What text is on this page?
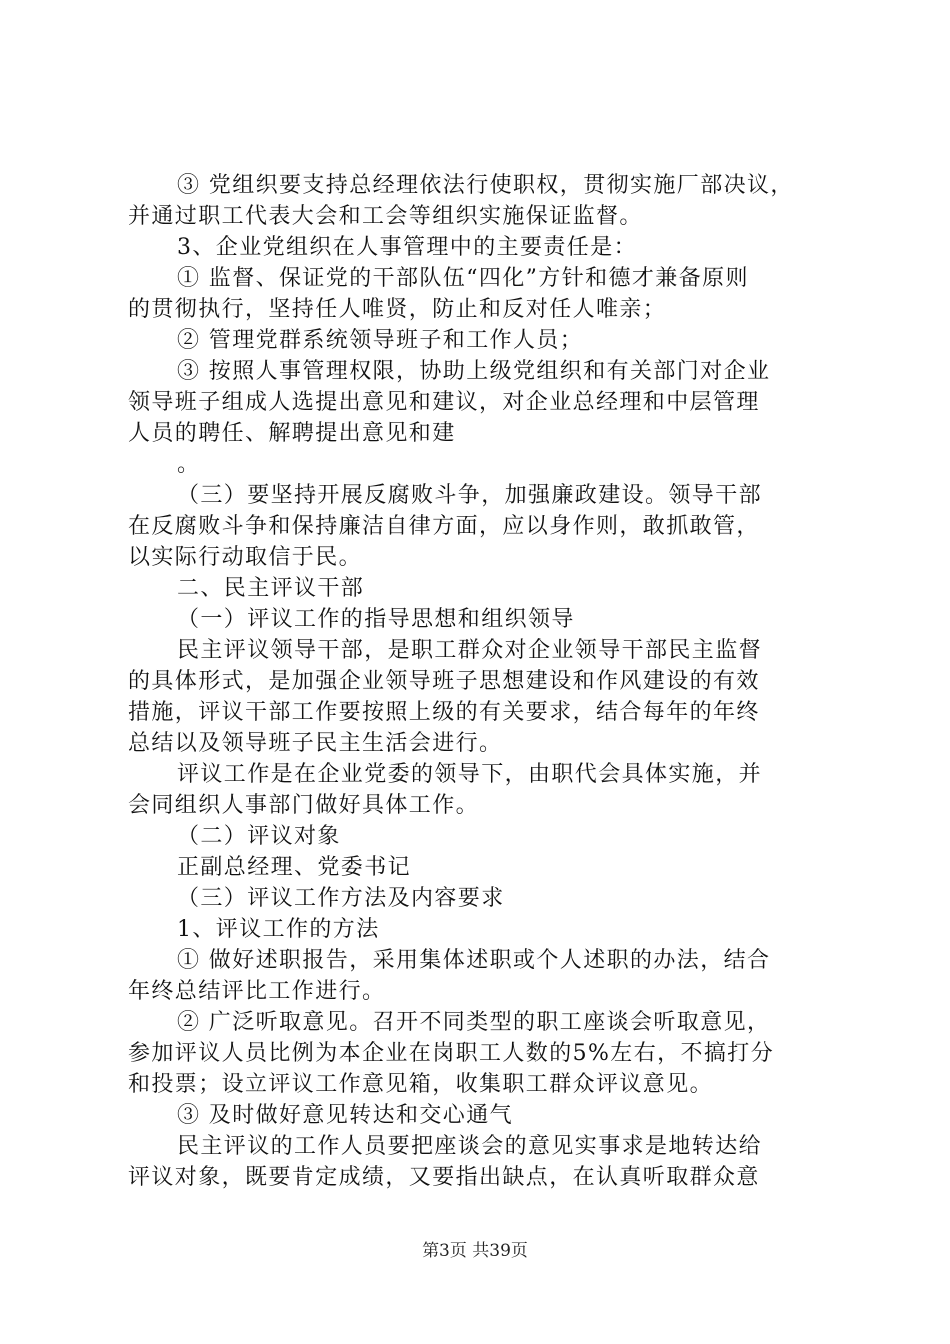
③ 党组织要支持总经理依法行使职权，贯彻实施厂部决议，
并通过职工代表大会和工会等组织实施保证监督。
3、企业党组织在人事管理中的主要责任是：
① 监督、保证党的干部队伍“四化”方针和德才兼备原则
的贯彻执行，坚持任人唯贤，防止和反对任人唯亲；
② 管理党群系统领导班子和工作人员；
③ 按照人事管理权限，协助上级党组织和有关部门对企业
领导班子组成人选提出意见和建议，对企业总经理和中层管理
人员的聘任、解聘提出意见和建
。
（三）要坚持开展反腐败斗争，加强廉政建设。领导干部
在反腐败斗争和保持廉洁自律方面，应以身作则，敢抓敢管，
以实际行动取信于民。
二、民主评议干部
（一）评议工作的指导思想和组织领导
民主评议领导干部，是职工群众对企业领导干部民主监督
的具体形式，是加强企业领导班子思想建设和作风建设的有效
措施，评议干部工作要按照上级的有关要求，结合每年的年终
总结以及领导班子民主生活会进行。
评议工作是在企业党委的领导下，由职代会具体实施，并
会同组织人事部门做好具体工作。
（二）评议对象
正副总经理、党委书记
（三）评议工作方法及内容要求
1、评议工作的方法
① 做好述职报告，采用集体述职或个人述职的办法，结合
年终总结评比工作进行。
② 广泛听取意见。召开不同类型的职工座谈会听取意见，
参加评议人员比例为本企业在岗职工人数的5%左右，不搞打分
和投票；设立评议工作意见箱，收集职工群众评议意见。
③ 及时做好意见转达和交心通气
民主评议的工作人员要把座谈会的意见实事求是地转达给
评议对象，既要肯定成绩，又要指出缺点，在认真听取群众意
第3页 共39页
